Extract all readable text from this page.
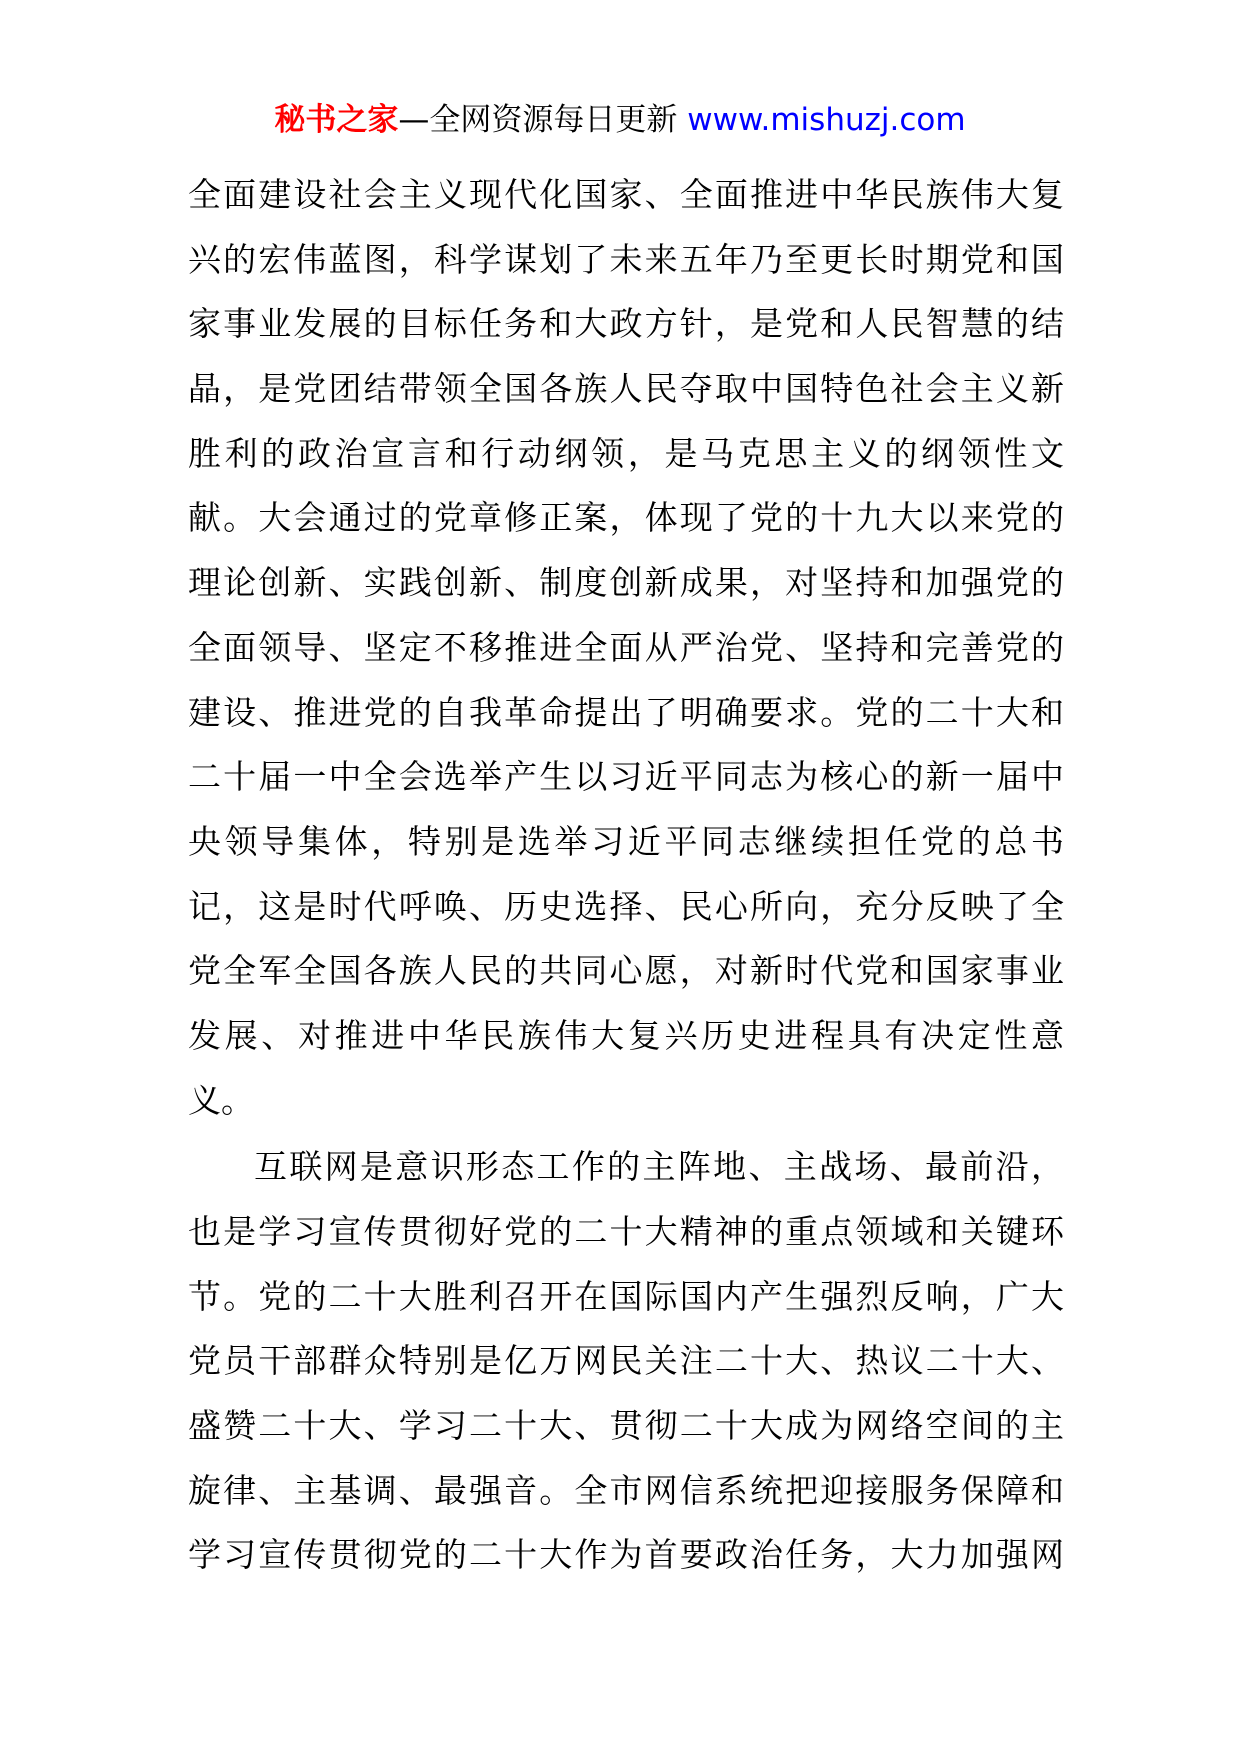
秘书之家—全网资源每日更新 www.mishuzj.com
全面建设社会主义现代化国家、全面推进中华民族伟大复
兴的宏伟蓝图，科学谋划了未来五年乃至更长时期党和国
家事业发展的目标任务和大政方针，是党和人民智慧的结
晶，是党团结带领全国各族人民夺取中国特色社会主义新
胜利的政治宣言和行动纲领，是马克思主义的纲领性文
献。大会通过的党章修正案，体现了党的十九大以来党的
理论创新、实践创新、制度创新成果，对坚持和加强党的
全面领导、坚定不移推进全面从严治党、坚持和完善党的
建设、推进党的自我革命提出了明确要求。党的二十大和
二十届一中全会选举产生以习近平同志为核心的新一届中
央领导集体，特别是选举习近平同志继续担任党的总书
记，这是时代呼唤、历史选择、民心所向，充分反映了全
党全军全国各族人民的共同心愿，对新时代党和国家事业
发展、对推进中华民族伟大复兴历史进程具有决定性意
义。
互联网是意识形态工作的主阵地、主战场、最前沿，
也是学习宣传贯彻好党的二十大精神的重点领域和关键环
节。党的二十大胜利召开在国际国内产生强烈反响，广大
党员干部群众特别是亿万网民关注二十大、热议二十大、
盛赞二十大、学习二十大、贯彻二十大成为网络空间的主
旋律、主基调、最强音。全市网信系统把迎接服务保障和
学习宣传贯彻党的二十大作为首要政治任务，大力加强网
